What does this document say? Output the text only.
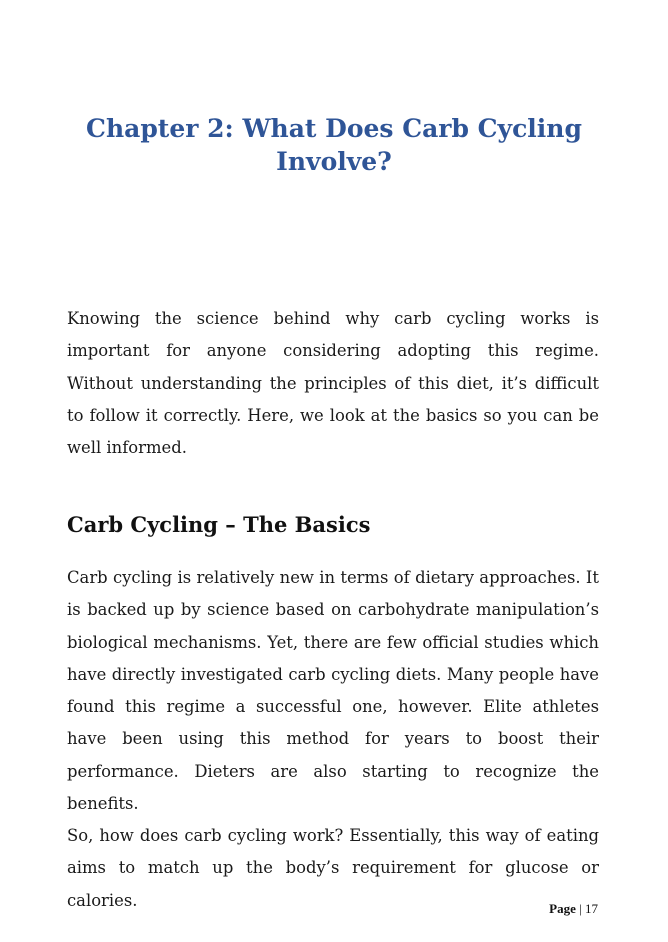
Chapter 2: What Does Carb Cycling Involve?

Knowing the science behind why carb cycling works is important for anyone considering adopting this regime. Without understanding the principles of this diet, it’s difficult to follow it correctly. Here, we look at the basics so you can be well informed.

Carb Cycling – The Basics

Carb cycling is relatively new in terms of dietary approaches. It is backed up by science based on carbohydrate manipulation’s biological mechanisms. Yet, there are few official studies which have directly investigated carb cycling diets. Many people have found this regime a successful one, however. Elite athletes have been using this method for years to boost their performance. Dieters are also starting to recognize the benefits.

So, how does carb cycling work? Essentially, this way of eating aims to match up the body’s requirement for glucose or calories.	Page | 17
